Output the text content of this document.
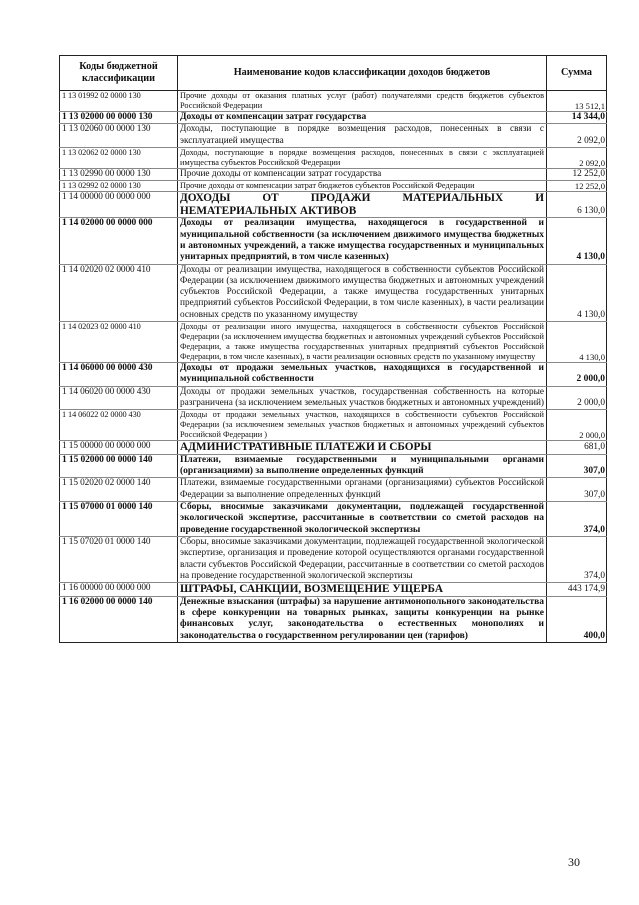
Коды бюджетной классификации	Наименование кодов классификации доходов бюджетов	Сумма
1 13 01992 02 0000 130	Прочие доходы от оказания платных услуг (работ) получателями средств бюджетов субъектов Российской Федерации	13 512,1
1 13 02000 00 0000 130	Доходы от компенсации затрат государства	14 344,0
1 13 02060 00 0000 130	Доходы, поступающие в порядке возмещения расходов, понесенных в связи с эксплуатацией имущества	2 092,0
1 13 02062 02 0000 130	Доходы, поступающие в порядке возмещения расходов, понесенных в связи с эксплуатацией имущества субъектов Российской Федерации	2 092,0
1 13 02990 00 0000 130	Прочие доходы от компенсации затрат государства	12 252,0
1 13 02992 02 0000 130	Прочие доходы от компенсации затрат бюджетов субъектов Российской Федерации	12 252,0
1 14 00000 00 0000 000	ДОХОДЫ ОТ ПРОДАЖИ МАТЕРИАЛЬНЫХ И НЕМАТЕРИАЛЬНЫХ АКТИВОВ	6 130,0
1 14 02000 00 0000 000	Доходы от реализации имущества, находящегося в государственной и муниципальной собственности (за исключением движимого имущества бюджетных и автономных учреждений, а также имущества государственных и муниципальных унитарных предприятий, в том числе казенных)	4 130,0
1 14 02020 02 0000 410	Доходы от реализации имущества, находящегося в собственности субъектов Российской Федерации (за исключением движимого имущества бюджетных и автономных учреждений субъектов Российской Федерации, а также имущества государственных унитарных предприятий субъектов Российской Федерации, в том числе казенных), в части реализации основных средств по указанному имуществу	4 130,0
1 14 02023 02 0000 410	Доходы от реализации иного имущества, находящегося в собственности субъектов Российской Федерации (за исключением имущества бюджетных и автономных учреждений субъектов Российской Федерации, а также имущества государственных унитарных предприятий субъектов Российской Федерации, в том числе казенных), в части реализации основных средств по указанному имуществу	4 130,0
1 14 06000 00 0000 430	Доходы от продажи земельных участков, находящихся в государственной и муниципальной собственности	2 000,0
1 14 06020 00 0000 430	Доходы от продажи земельных участков, государственная собственность на которые разграничена (за исключением земельных участков бюджетных и автономных учреждений)	2 000,0
1 14 06022 02 0000 430	Доходы от продажи земельных участков, находящихся в собственности субъектов Российской Федерации (за исключением земельных участков бюджетных и автономных учреждений субъектов Российской Федерации )	2 000,0
1 15 00000 00 0000 000	АДМИНИСТРАТИВНЫЕ ПЛАТЕЖИ И СБОРЫ	681,0
1 15 02000 00 0000 140	Платежи, взимаемые государственными и муниципальными органами (организациями) за выполнение определенных функций	307,0
1 15 02020 02 0000 140	Платежи, взимаемые государственными органами (организациями) субъектов Российской Федерации за выполнение определенных функций	307,0
1 15 07000 01 0000 140	Сборы, вносимые заказчиками документации, подлежащей государственной экологической экспертизе, рассчитанные в соответствии со сметой расходов на проведение государственной экологической экспертизы	374,0
1 15 07020 01 0000 140	Сборы, вносимые заказчиками документации, подлежащей государственной экологической экспертизе, организация и проведение которой осуществляются органами государственной власти субъектов Российской Федерации, рассчитанные в соответствии со сметой расходов на проведение государственной экологической экспертизы	374,0
1 16 00000 00 0000 000	ШТРАФЫ, САНКЦИИ, ВОЗМЕЩЕНИЕ УЩЕРБА	443 174,9
1 16 02000 00 0000 140	Денежные взыскания (штрафы) за нарушение антимонопольного законодательства в сфере конкуренции на товарных рынках, защиты конкуренции на рынке финансовых услуг, законодательства о естественных монополиях и законодательства о государственном регулировании цен (тарифов)	400,0
30
